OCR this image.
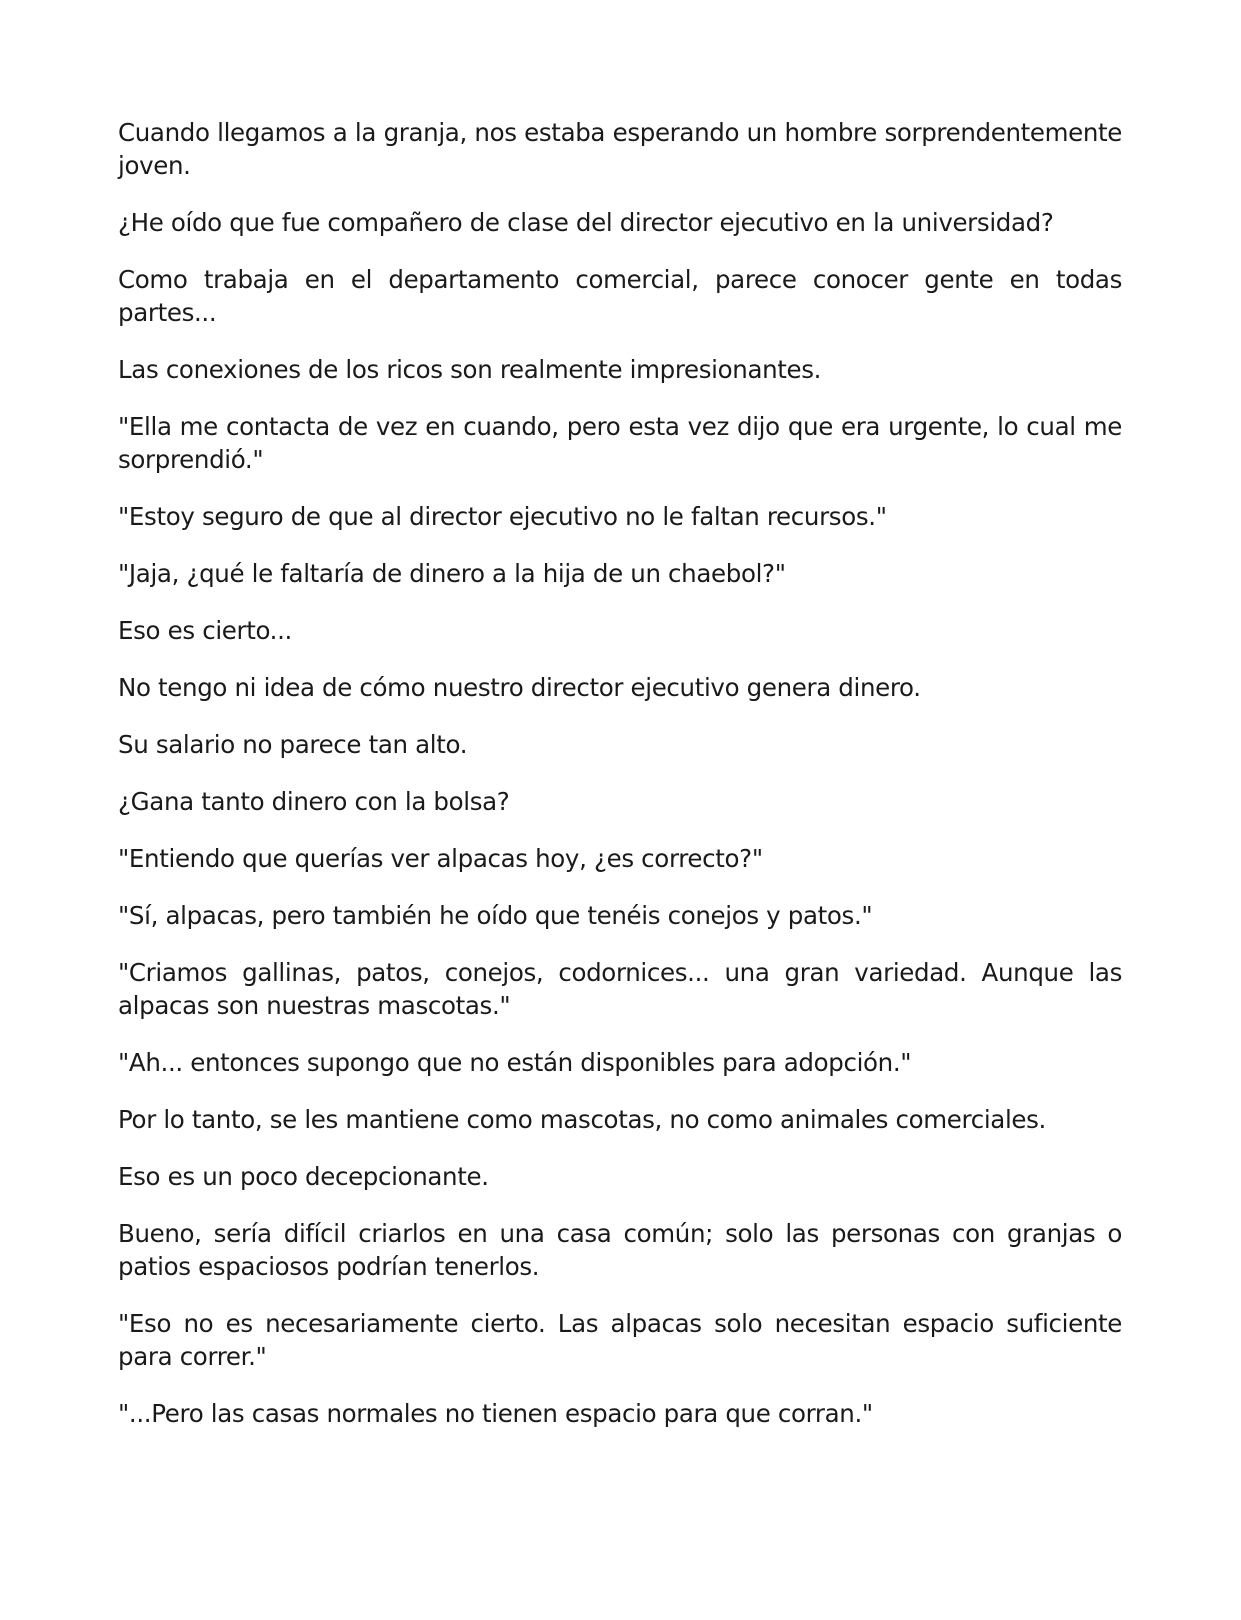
Cuando llegamos a la granja, nos estaba esperando un hombre sorprendentemente joven.

¿He oído que fue compañero de clase del director ejecutivo en la universidad?

Como trabaja en el departamento comercial, parece conocer gente en todas partes...

Las conexiones de los ricos son realmente impresionantes.

"Ella me contacta de vez en cuando, pero esta vez dijo que era urgente, lo cual me sorprendió."

"Estoy seguro de que al director ejecutivo no le faltan recursos."

"Jaja, ¿qué le faltaría de dinero a la hija de un chaebol?"

Eso es cierto...

No tengo ni idea de cómo nuestro director ejecutivo genera dinero.

Su salario no parece tan alto.

¿Gana tanto dinero con la bolsa?

"Entiendo que querías ver alpacas hoy, ¿es correcto?"

"Sí, alpacas, pero también he oído que tenéis conejos y patos."

"Criamos gallinas, patos, conejos, codornices... una gran variedad. Aunque las alpacas son nuestras mascotas."

"Ah... entonces supongo que no están disponibles para adopción."

Por lo tanto, se les mantiene como mascotas, no como animales comerciales.

Eso es un poco decepcionante.

Bueno, sería difícil criarlos en una casa común; solo las personas con granjas o patios espaciosos podrían tenerlos.

"Eso no es necesariamente cierto. Las alpacas solo necesitan espacio suficiente para correr."

"...Pero las casas normales no tienen espacio para que corran."
